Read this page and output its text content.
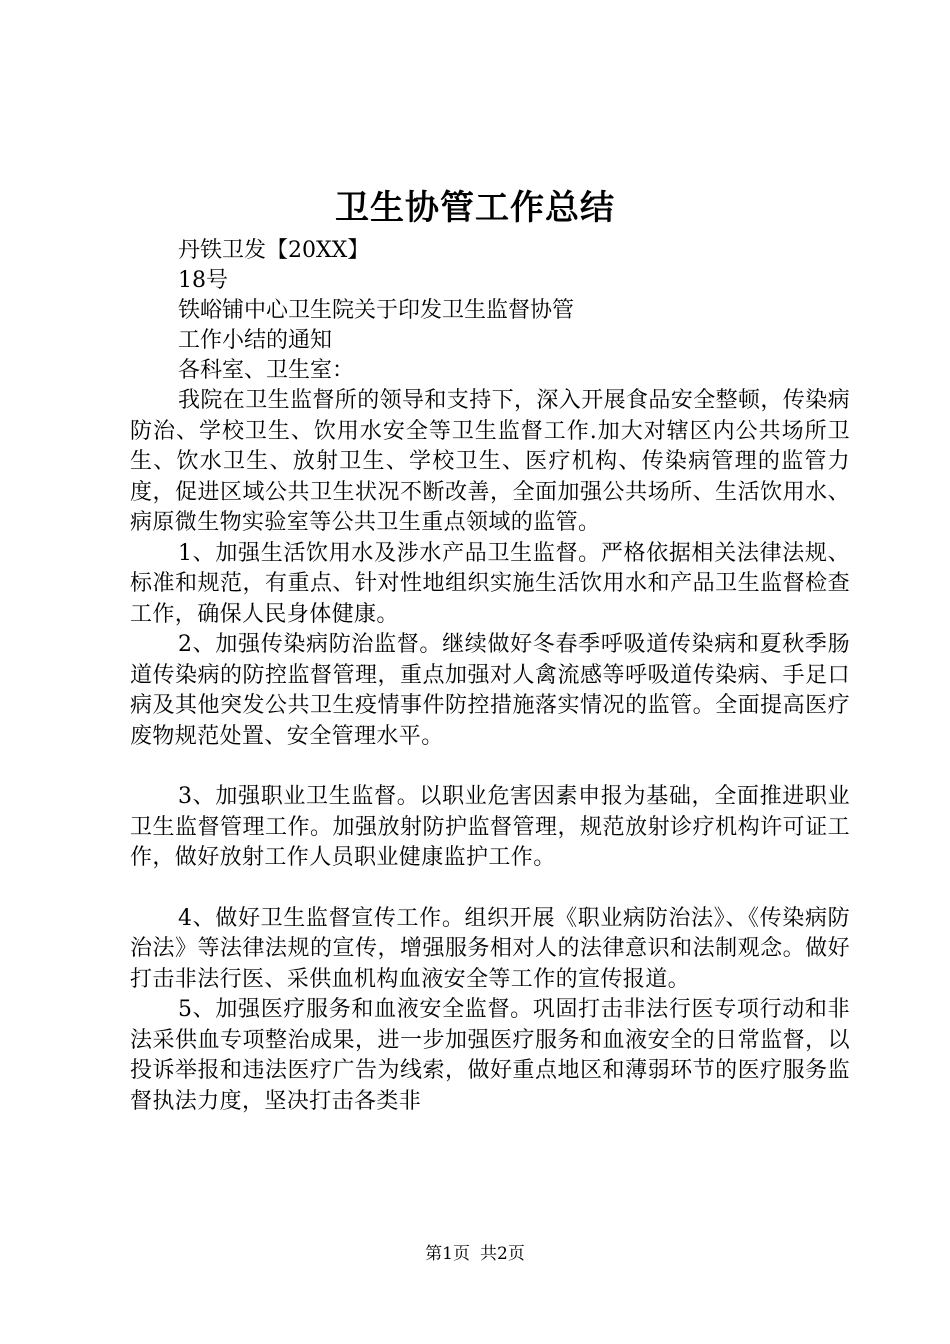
卫生协管工作总结
丹铁卫发【20XX】
18号
铁峪铺中心卫生院关于印发卫生监督协管
工作小结的通知
各科室、卫生室：

我院在卫生监督所的领导和支持下，深入开展食品安全整顿，传染病防治、学校卫生、饮用水安全等卫生监督工作.加大对辖区内公共场所卫生、饮水卫生、放射卫生、学校卫生、医疗机构、传染病管理的监管力度，促进区域公共卫生状况不断改善，全面加强公共场所、生活饮用水、病原微生物实验室等公共卫生重点领域的监管。

1、加强生活饮用水及涉水产品卫生监督。严格依据相关法律法规、标准和规范，有重点、针对性地组织实施生活饮用水和产品卫生监督检查工作，确保人民身体健康。

2、加强传染病防治监督。继续做好冬春季呼吸道传染病和夏秋季肠道传染病的防控监督管理，重点加强对人禽流感等呼吸道传染病、手足口病及其他突发公共卫生疫情事件防控措施落实情况的监管。全面提高医疗废物规范处置、安全管理水平。

3、加强职业卫生监督。以职业危害因素申报为基础，全面推进职业卫生监督管理工作。加强放射防护监督管理，规范放射诊疗机构许可证工作，做好放射工作人员职业健康监护工作。

4、做好卫生监督宣传工作。组织开展《职业病防治法》、《传染病防治法》等法律法规的宣传，增强服务相对人的法律意识和法制观念。做好打击非法行医、采供血机构血液安全等工作的宣传报道。

5、加强医疗服务和血液安全监督。巩固打击非法行医专项行动和非法采供血专项整治成果，进一步加强医疗服务和血液安全的日常监督，以投诉举报和违法医疗广告为线索，做好重点地区和薄弱环节的医疗服务监督执法力度，坚决打击各类非

第1页 共2页
